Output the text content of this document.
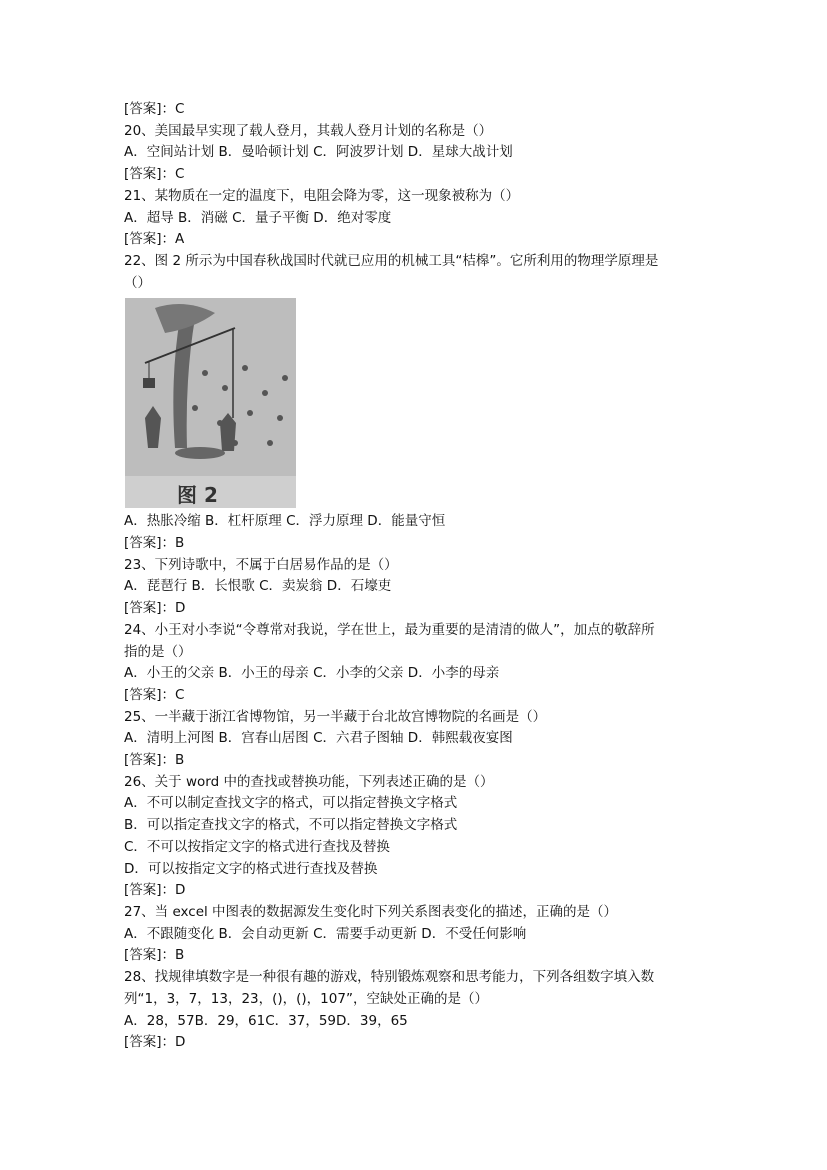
[答案]：C
20、美国最早实现了载人登月，其载人登月计划的名称是（）
A．空间站计划 B．曼哈顿计划 C．阿波罗计划 D．星球大战计划
[答案]：C
21、某物质在一定的温度下，电阻会降为零，这一现象被称为（）
A．超导 B．消磁 C．量子平衡 D．绝对零度
[答案]：A
22、图 2 所示为中国春秋战国时代就已应用的机械工具“桔槔”。它所利用的物理学原理是
（）
图 2
A．热胀冷缩 B．杠杆原理 C．浮力原理 D．能量守恒
[答案]：B
23、下列诗歌中，不属于白居易作品的是（）
A．琵琶行 B．长恨歌 C．卖炭翁 D．石壕吏
[答案]：D
24、小王对小李说“令尊常对我说，学在世上，最为重要的是清清的做人”，加点的敬辞所
指的是（）
A．小王的父亲 B．小王的母亲 C．小李的父亲 D．小李的母亲
[答案]：C
25、一半藏于浙江省博物馆，另一半藏于台北故宫博物院的名画是（）
A．清明上河图 B．宫春山居图 C．六君子图轴 D．韩熙载夜宴图
[答案]：B
26、关于 word 中的查找或替换功能，下列表述正确的是（）
A．不可以制定查找文字的格式，可以指定替换文字格式
B．可以指定查找文字的格式，不可以指定替换文字格式
C．不可以按指定文字的格式进行查找及替换
D．可以按指定文字的格式进行查找及替换
[答案]：D
27、当 excel 中图表的数据源发生变化时下列关系图表变化的描述，正确的是（）
A．不跟随变化 B．会自动更新 C．需要手动更新 D．不受任何影响
[答案]：B
28、找规律填数字是一种很有趣的游戏，特别锻炼观察和思考能力，下列各组数字填入数
列“1，3，7，13，23，()，()，107”，空缺处正确的是（）
A．28，57B．29，61C．37，59D．39，65
[答案]：D
